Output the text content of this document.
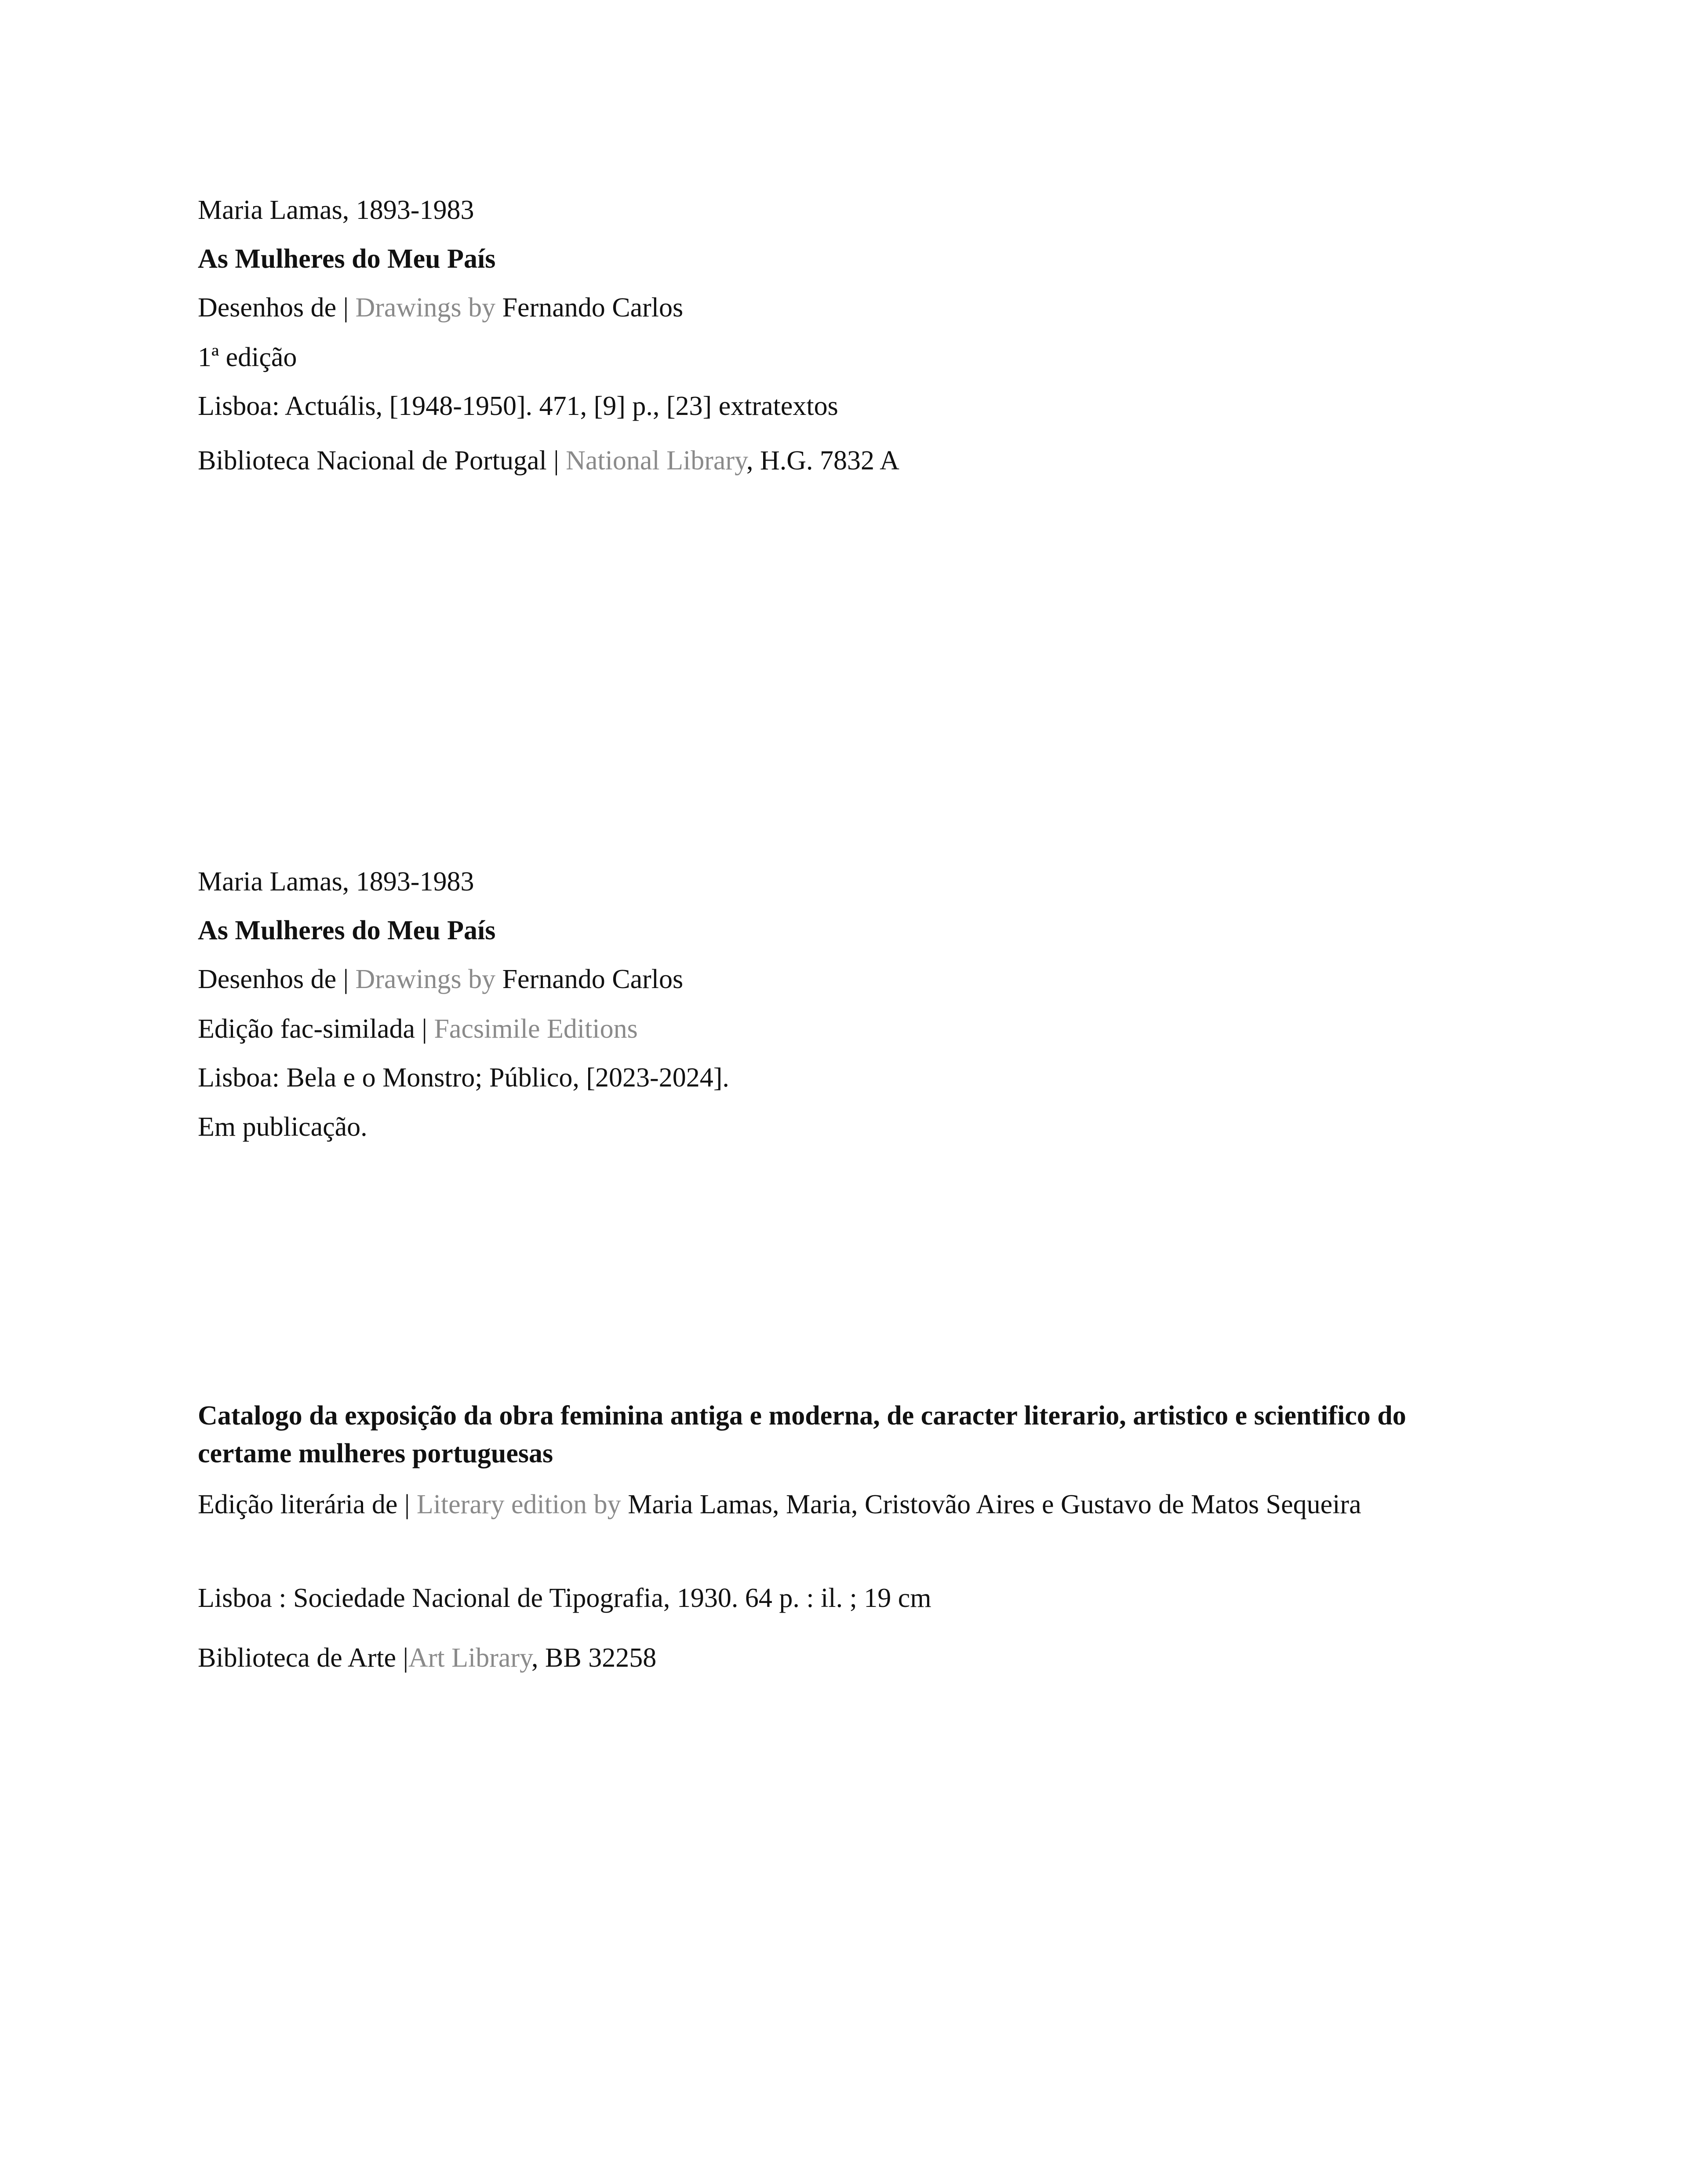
Maria Lamas, 1893-1983
As Mulheres do Meu País
Desenhos de | Drawings by Fernando Carlos
1ª edição
Lisboa: Actuális, [1948-1950]. 471, [9] p., [23] extratextos
Biblioteca Nacional de Portugal | National Library, H.G. 7832 A
Maria Lamas, 1893-1983
As Mulheres do Meu País
Desenhos de | Drawings by Fernando Carlos
Edição fac-similada | Facsimile Editions
Lisboa: Bela e o Monstro; Público, [2023-2024].
Em publicação.
Catalogo da exposição da obra feminina antiga e moderna, de caracter literario, artistico e scientifico do certame mulheres portuguesas
Edição literária de | Literary edition by Maria Lamas, Maria, Cristovão Aires e Gustavo de Matos Sequeira
Lisboa : Sociedade Nacional de Tipografia, 1930. 64 p. : il. ; 19 cm
Biblioteca de Arte |Art Library, BB 32258
